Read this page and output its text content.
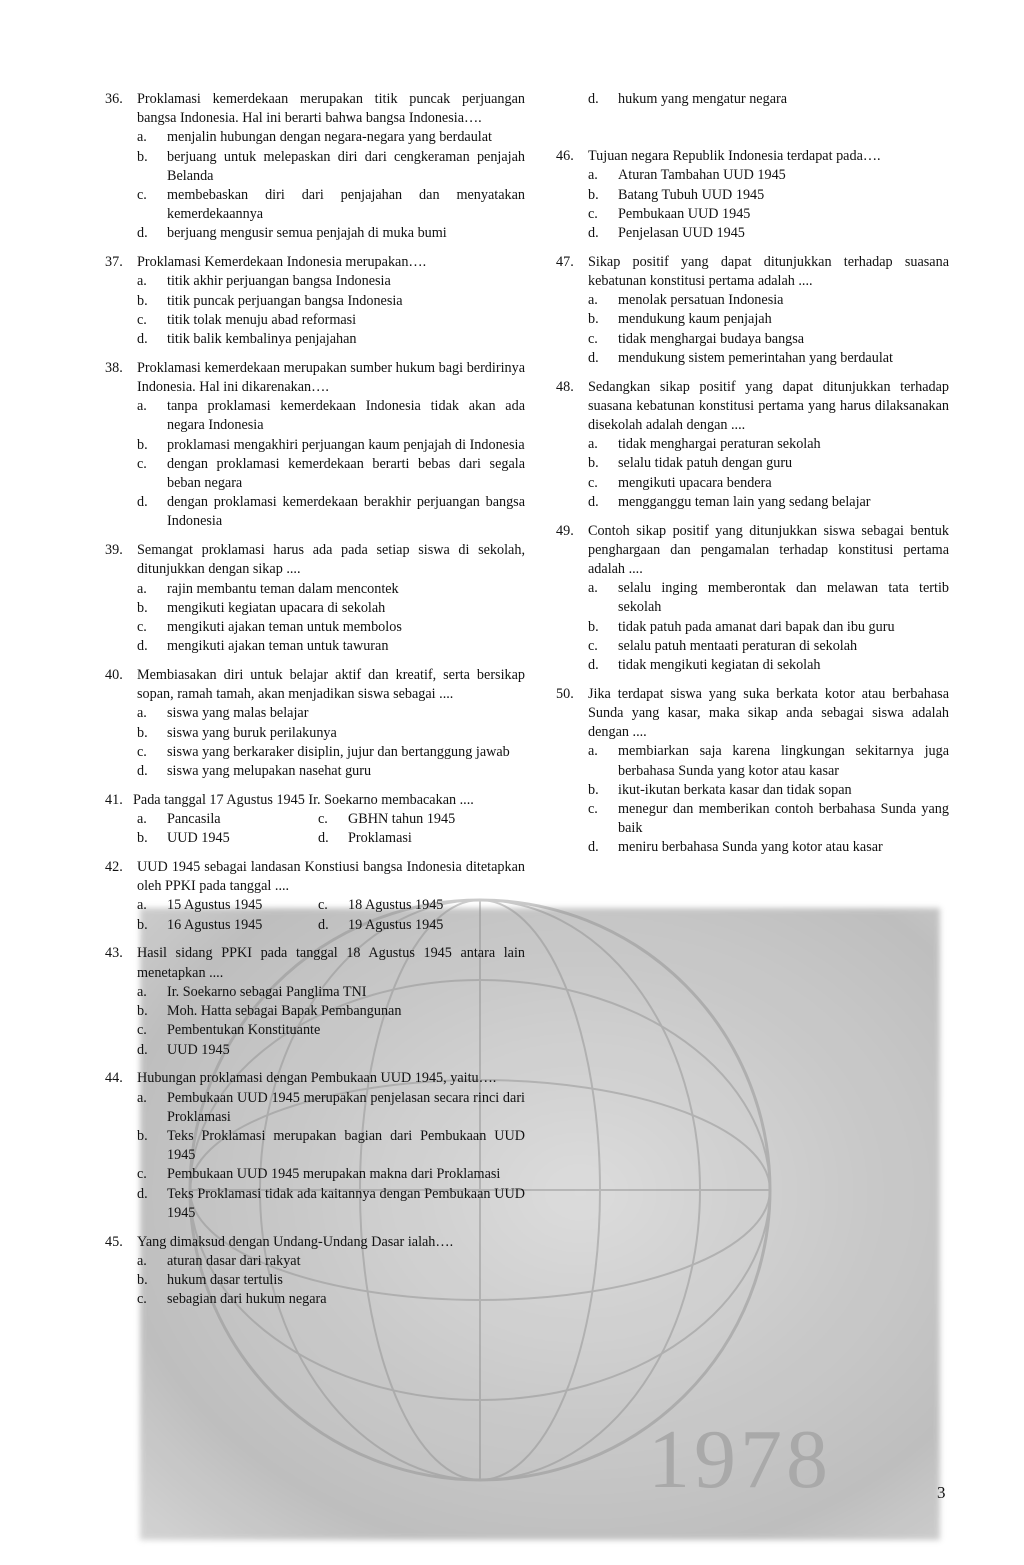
1978
36.	Proklamasi kemerdekaan merupakan titik puncak perjuangan bangsa Indonesia. Hal ini berarti bahwa bangsa Indonesia….
a.	menjalin hubungan dengan negara-negara yang berdaulat
b.	berjuang untuk melepaskan diri dari cengkeraman penjajah Belanda
c.	membebaskan diri dari penjajahan dan menyatakan kemerdekaannya
d.	berjuang mengusir semua penjajah di muka bumi
37.	Proklamasi Kemerdekaan Indonesia merupakan….
a.	titik akhir perjuangan bangsa Indonesia
b.	titik puncak perjuangan bangsa Indonesia
c.	titik tolak menuju abad reformasi
d.	titik balik kembalinya penjajahan
38.	Proklamasi kemerdekaan merupakan sumber hukum bagi berdirinya Indonesia. Hal ini dikarenakan….
a.	tanpa proklamasi kemerdekaan Indonesia tidak akan ada negara Indonesia
b.	proklamasi mengakhiri perjuangan kaum penjajah di Indonesia
c.	dengan proklamasi kemerdekaan berarti bebas dari segala beban negara
d.	dengan proklamasi kemerdekaan berakhir perjuangan bangsa Indonesia
39.	Semangat proklamasi harus ada pada setiap siswa di sekolah, ditunjukkan dengan sikap ....
a.	rajin membantu teman dalam mencontek
b.	mengikuti kegiatan upacara di sekolah
c.	mengikuti ajakan teman untuk membolos
d.	mengikuti ajakan teman untuk tawuran
40.	Membiasakan diri untuk belajar aktif dan kreatif, serta bersikap sopan, ramah tamah, akan menjadikan siswa sebagai ....
a.	siswa yang malas belajar
b.	siswa yang buruk perilakunya
c.	siswa yang berkaraker disiplin, jujur dan bertanggung jawab
d.	siswa yang melupakan nasehat guru
41. Pada tanggal 17 Agustus 1945 Ir. Soekarno membacakan ....
a.	Pancasila	c.	GBHN tahun 1945
b.	UUD 1945	d.	Proklamasi
42.	UUD 1945 sebagai landasan Konstiusi bangsa Indonesia ditetapkan oleh PPKI pada tanggal ....
a.	15 Agustus 1945	c.	18 Agustus 1945
b.	16 Agustus 1945	d.	19 Agustus 1945
43.	Hasil sidang PPKI pada tanggal 18 Agustus 1945 antara lain menetapkan ....
a.	Ir. Soekarno sebagai Panglima TNI
b.	Moh. Hatta sebagai Bapak Pembangunan
c.	Pembentukan Konstituante
d.	UUD 1945
44.	Hubungan proklamasi dengan Pembukaan UUD 1945, yaitu….
a.	Pembukaan UUD 1945 merupakan penjelasan secara rinci dari Proklamasi
b.	Teks Proklamasi merupakan bagian dari Pembukaan UUD 1945
c.	Pembukaan UUD 1945 merupakan makna dari Proklamasi
d.	Teks Proklamasi tidak ada kaitannya dengan Pembukaan UUD 1945
45.	Yang dimaksud dengan Undang-Undang Dasar ialah….
a.	aturan dasar dari rakyat
b.	hukum dasar tertulis
c.	sebagian dari hukum negara
d.	hukum yang mengatur negara
46.	Tujuan negara Republik Indonesia terdapat pada….
a.	Aturan Tambahan UUD 1945
b.	Batang Tubuh UUD 1945
c.	Pembukaan UUD 1945
d.	Penjelasan UUD 1945
47.	Sikap positif yang dapat ditunjukkan terhadap suasana kebatunan konstitusi pertama adalah ....
a.	menolak persatuan Indonesia
b.	mendukung kaum penjajah
c.	tidak menghargai budaya bangsa
d.	mendukung sistem pemerintahan yang berdaulat
48.	Sedangkan sikap positif yang dapat ditunjukkan terhadap suasana kebatunan konstitusi pertama yang harus dilaksanakan disekolah adalah dengan ....
a.	tidak menghargai peraturan sekolah
b.	selalu tidak patuh dengan guru
c.	mengikuti upacara bendera
d.	mengganggu teman lain yang sedang belajar
49.	Contoh sikap positif yang ditunjukkan siswa sebagai bentuk penghargaan dan pengamalan terhadap konstitusi pertama adalah ....
a.	selalu inging memberontak dan melawan tata tertib sekolah
b.	tidak patuh pada amanat dari bapak dan ibu guru
c.	selalu patuh mentaati peraturan di sekolah
d.	tidak mengikuti kegiatan di sekolah
50.	Jika terdapat siswa yang suka berkata kotor atau berbahasa Sunda yang kasar, maka sikap anda sebagai siswa adalah dengan ....
a.	membiarkan saja karena lingkungan sekitarnya juga berbahasa Sunda yang kotor atau kasar
b.	ikut-ikutan berkata kasar dan tidak sopan
c.	menegur dan memberikan contoh berbahasa Sunda yang baik
d.	meniru berbahasa Sunda yang kotor atau kasar
3
